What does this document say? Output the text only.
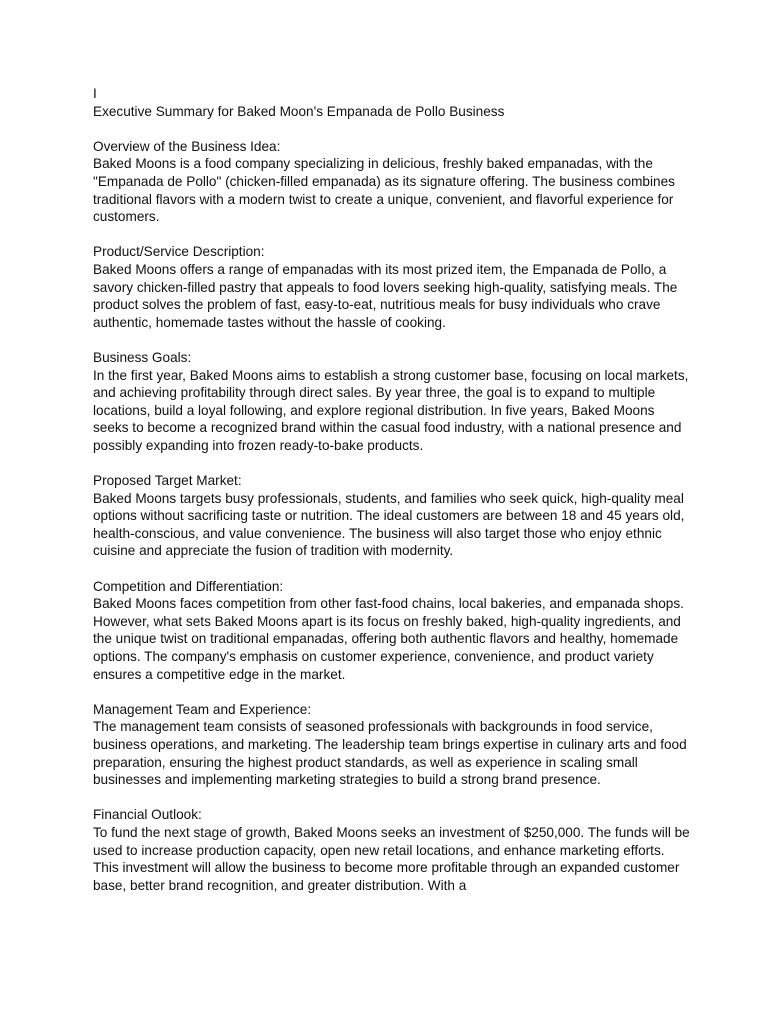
I

Executive Summary for Baked Moon's Empanada de Pollo Business

Overview of the Business Idea:

Baked Moons is a food company specializing in delicious, freshly baked empanadas, with the "Empanada de Pollo" (chicken-filled empanada) as its signature offering. The business combines traditional flavors with a modern twist to create a unique, convenient, and flavorful experience for customers.

Product/Service Description:

Baked Moons offers a range of empanadas with its most prized item, the Empanada de Pollo, a savory chicken-filled pastry that appeals to food lovers seeking high-quality, satisfying meals. The product solves the problem of fast, easy-to-eat, nutritious meals for busy individuals who crave authentic, homemade tastes without the hassle of cooking.

Business Goals:

In the first year, Baked Moons aims to establish a strong customer base, focusing on local markets, and achieving profitability through direct sales. By year three, the goal is to expand to multiple locations, build a loyal following, and explore regional distribution. In five years, Baked Moons seeks to become a recognized brand within the casual food industry, with a national presence and possibly expanding into frozen ready-to-bake products.

Proposed Target Market:

Baked Moons targets busy professionals, students, and families who seek quick, high-quality meal options without sacrificing taste or nutrition. The ideal customers are between 18 and 45 years old, health-conscious, and value convenience. The business will also target those who enjoy ethnic cuisine and appreciate the fusion of tradition with modernity.

Competition and Differentiation:

Baked Moons faces competition from other fast-food chains, local bakeries, and empanada shops. However, what sets Baked Moons apart is its focus on freshly baked, high-quality ingredients, and the unique twist on traditional empanadas, offering both authentic flavors and healthy, homemade options. The company's emphasis on customer experience, convenience, and product variety ensures a competitive edge in the market.

Management Team and Experience:

The management team consists of seasoned professionals with backgrounds in food service, business operations, and marketing. The leadership team brings expertise in culinary arts and food preparation, ensuring the highest product standards, as well as experience in scaling small businesses and implementing marketing strategies to build a strong brand presence.

Financial Outlook:

To fund the next stage of growth, Baked Moons seeks an investment of $250,000. The funds will be used to increase production capacity, open new retail locations, and enhance marketing efforts. This investment will allow the business to become more profitable through an expanded customer base, better brand recognition, and greater distribution. With a
